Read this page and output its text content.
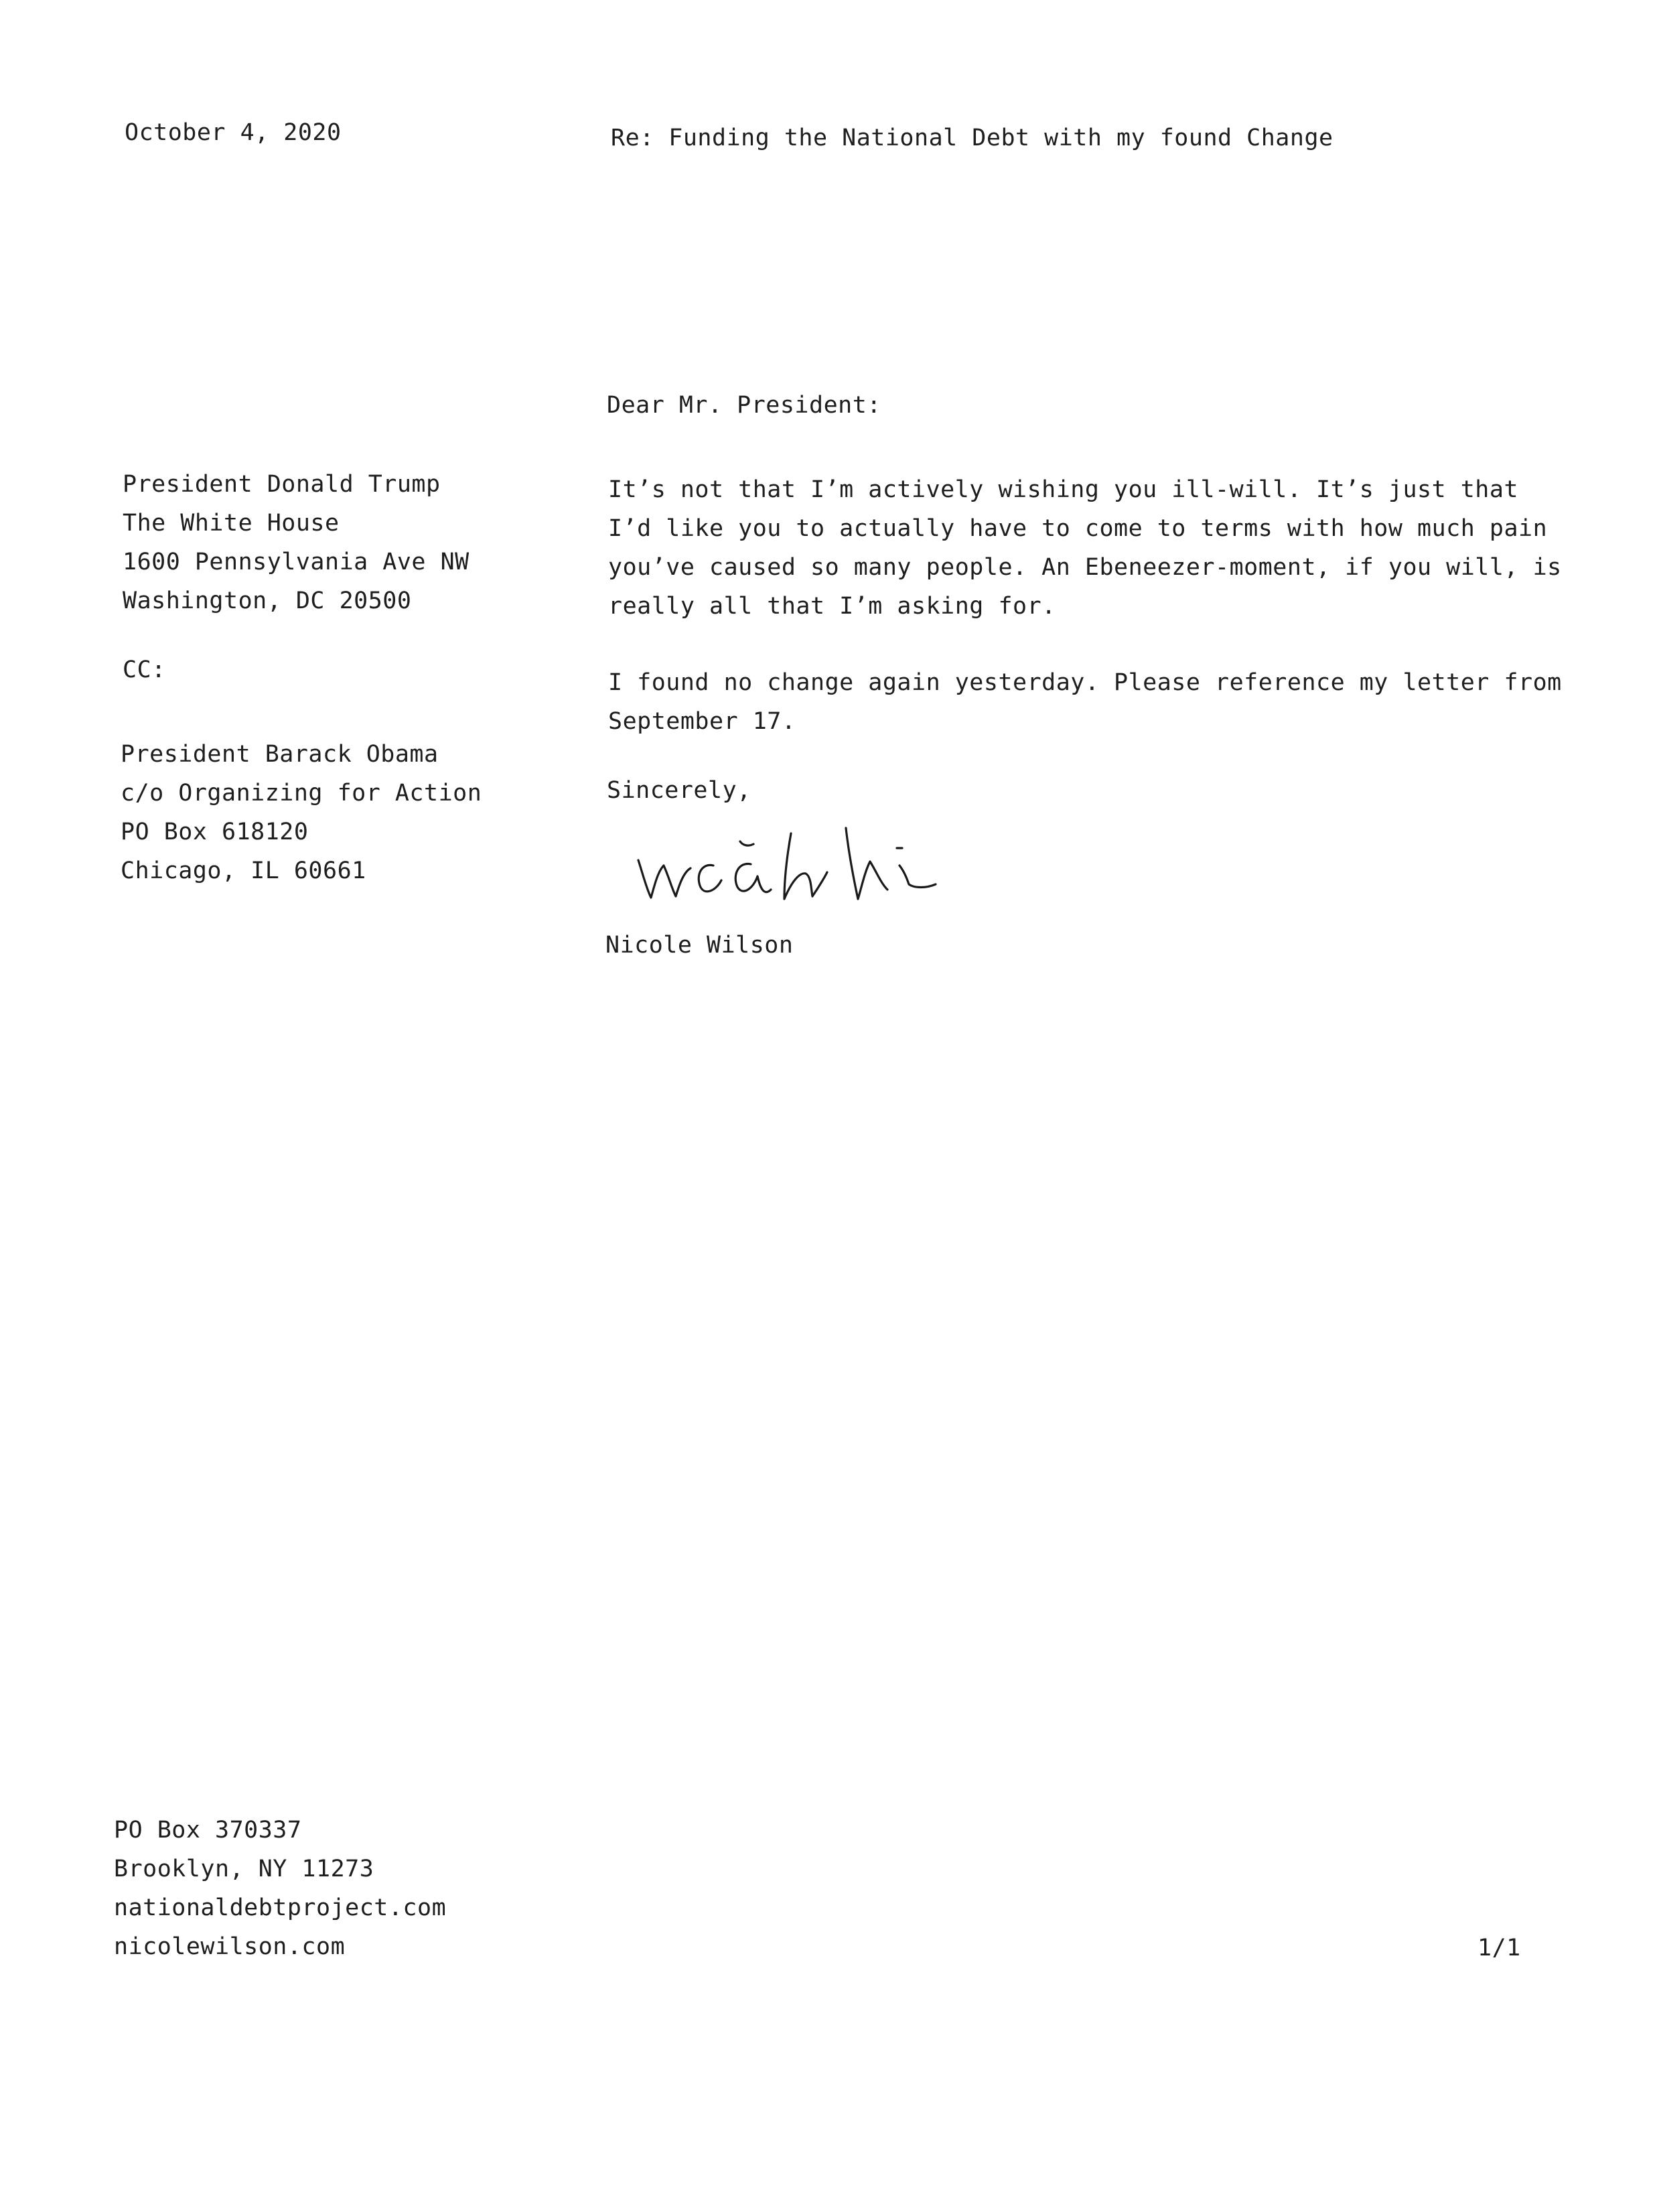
October 4, 2020	Re: Funding the National Debt with my found Change
Dear Mr. President:
President Donald Trump
The White House
1600 Pennsylvania Ave NW
Washington, DC 20500
CC:
President Barack Obama
c/o Organizing for Action
PO Box 618120
Chicago, IL 60661
It’s not that I’m actively wishing you ill-will. It’s just that
I’d like you to actually have to come to terms with how much pain
you’ve caused so many people. An Ebeneezer-moment, if you will, is
really all that I’m asking for.
I found no change again yesterday. Please reference my letter from
September 17.
Sincerely,
Nicole Wilson
PO Box 370337
Brooklyn, NY 11273
nationaldebtproject.com
nicolewilson.com	1/1
